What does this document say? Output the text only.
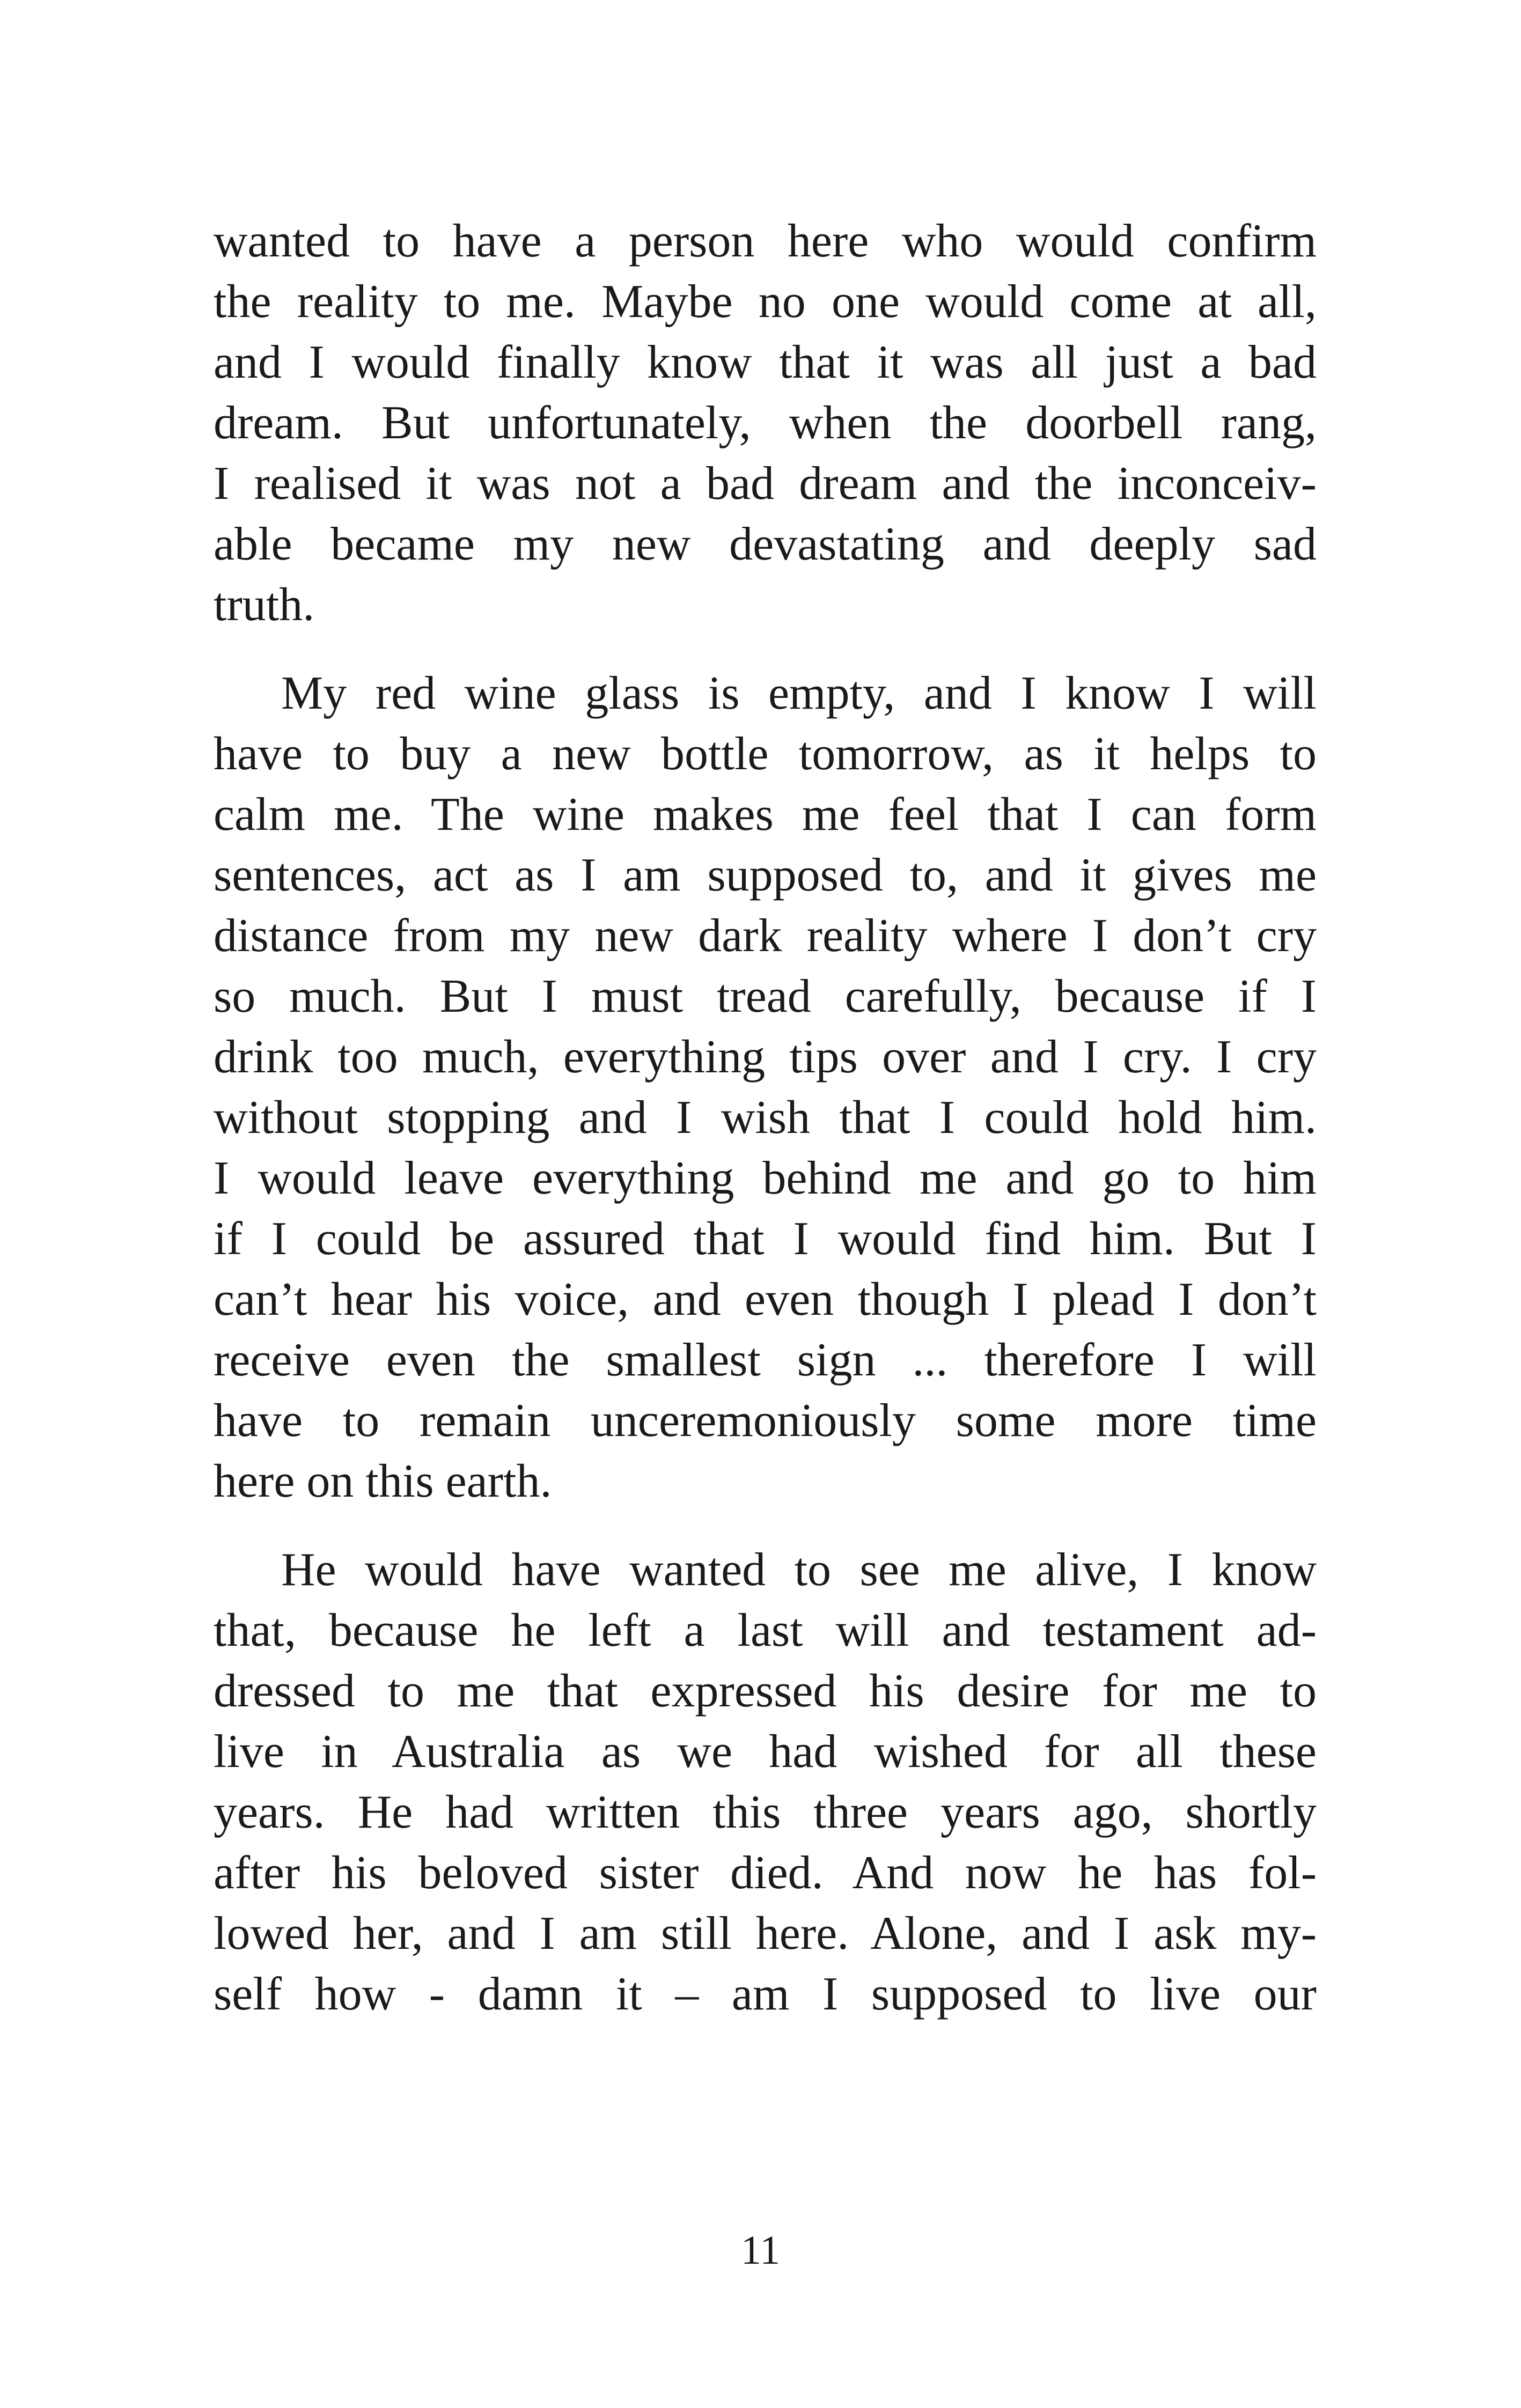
wanted to have a person here who would confirm
the reality to me. Maybe no one would come at all,
and I would finally know that it was all just a bad
dream. But unfortunately, when the doorbell rang,
I realised it was not a bad dream and the inconceiv-
able became my new devastating and deeply sad
truth.
My red wine glass is empty, and I know I will
have to buy a new bottle tomorrow, as it helps to
calm me. The wine makes me feel that I can form
sentences, act as I am supposed to, and it gives me
distance from my new dark reality where I don’t cry
so much. But I must tread carefully, because if I
drink too much, everything tips over and I cry. I cry
without stopping and I wish that I could hold him.
I would leave everything behind me and go to him
if I could be assured that I would find him. But I
can’t hear his voice, and even though I plead I don’t
receive even the smallest sign ... therefore I will
have to remain unceremoniously some more time
here on this earth.
He would have wanted to see me alive, I know
that, because he left a last will and testament ad-
dressed to me that expressed his desire for me to
live in Australia as we had wished for all these
years. He had written this three years ago, shortly
after his beloved sister died. And now he has fol-
lowed her, and I am still here. Alone, and I ask my-
self how - damn it – am I supposed to live our
11
